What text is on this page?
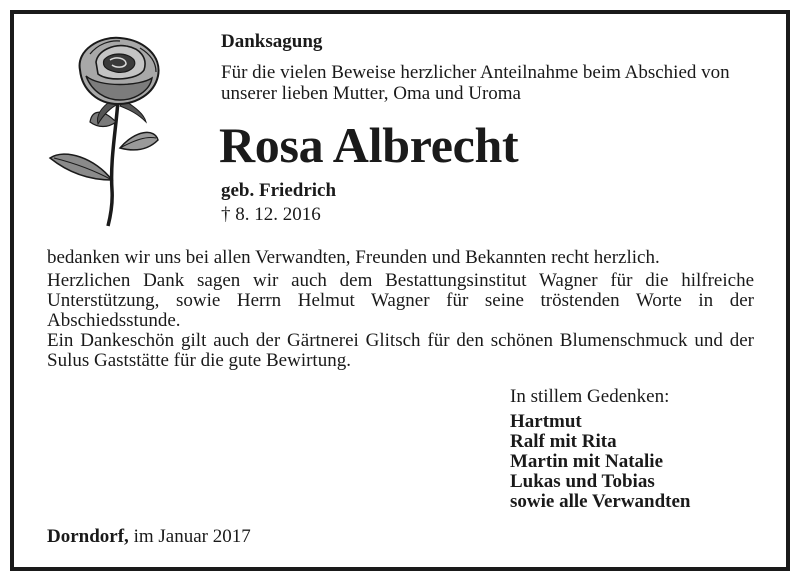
Danksagung
Für die vielen Beweise herzlicher Anteilnahme beim Abschied von unserer lieben Mutter, Oma und Uroma
Rosa Albrecht
geb. Friedrich
† 8. 12. 2016
bedanken wir uns bei allen Verwandten, Freunden und Bekannten recht herzlich.
Herzlichen Dank sagen wir auch dem Bestattungsinstitut Wagner für die hilfreiche Unterstützung, sowie Herrn Helmut Wagner für seine tröstenden Worte in der Abschiedsstunde.
Ein Dankeschön gilt auch der Gärtnerei Glitsch für den schönen Blumenschmuck und der Sulus Gaststätte für die gute Bewirtung.
In stillem Gedenken:
Hartmut
Ralf mit Rita
Martin mit Natalie
Lukas und Tobias
sowie alle Verwandten
Dorndorf, im Januar 2017
